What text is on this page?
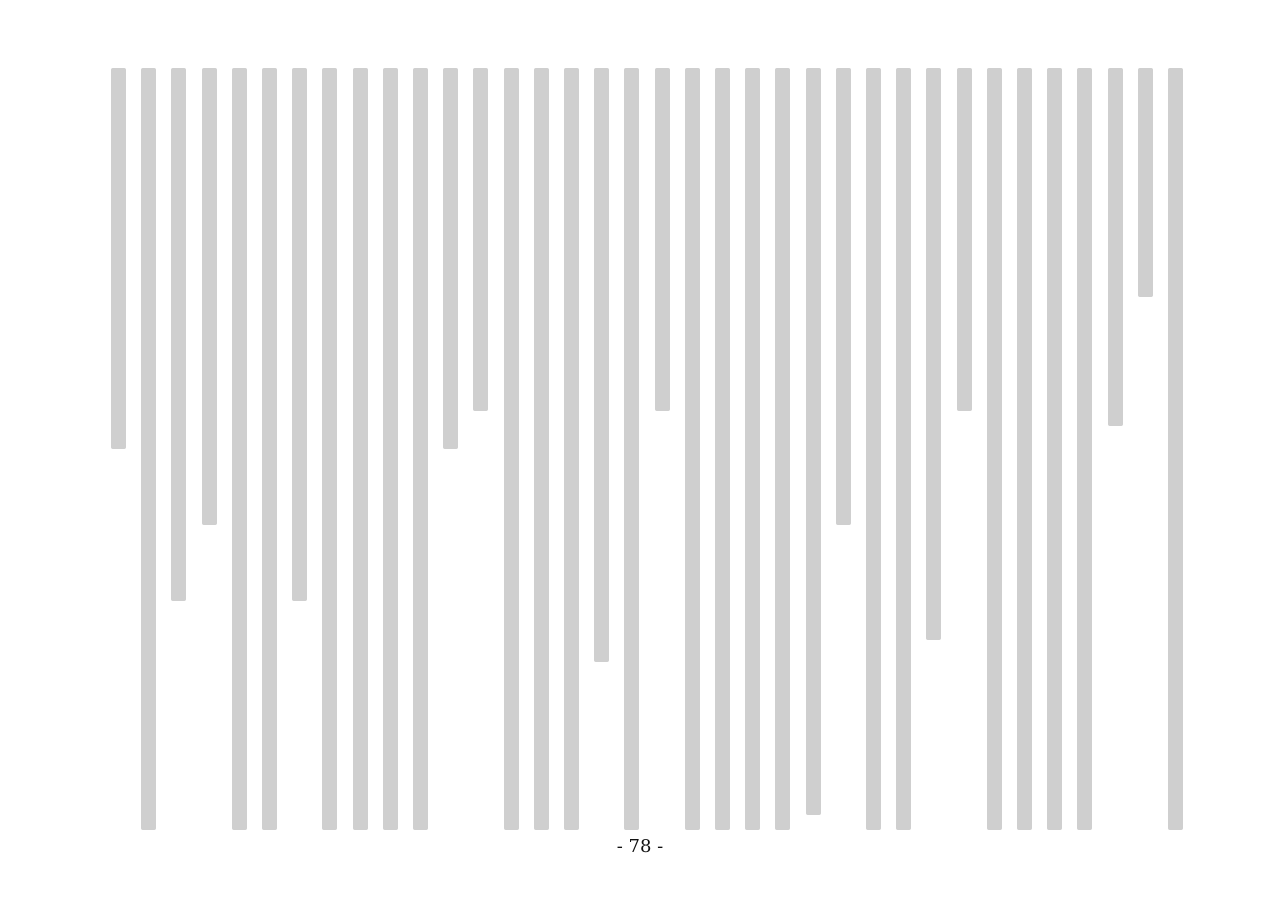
- 78 -
